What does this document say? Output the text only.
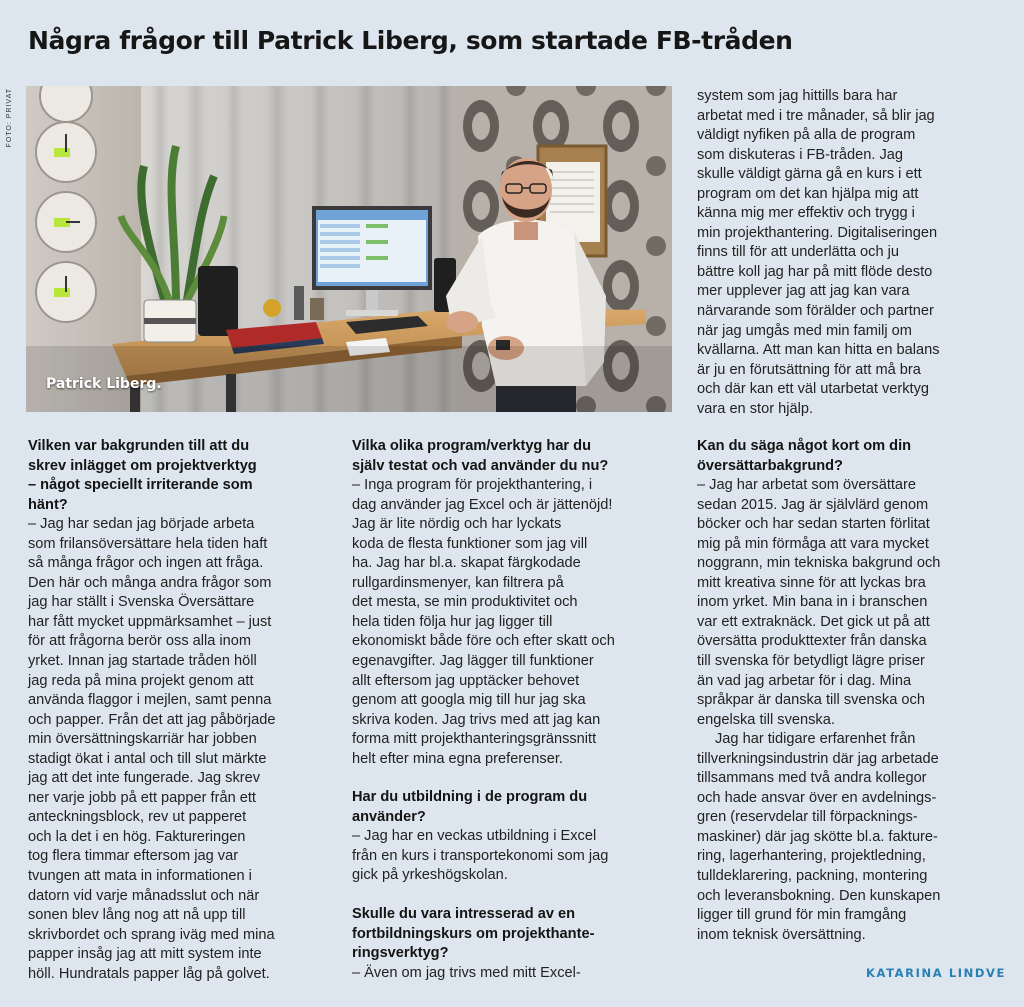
Några frågor till Patrick Liberg, som startade FB-tråden
FOTO: PRIVAT
Patrick Liberg.

system som jag hittills bara har

arbetat med i tre månader, så blir jag

väldigt nyfiken på alla de program

som diskuteras i FB-tråden. Jag

skulle väldigt gärna gå en kurs i ett

program om det kan hjälpa mig att

känna mig mer effektiv och trygg i

min projekthantering. Digitaliseringen

finns till för att underlätta och ju

bättre koll jag har på mitt flöde desto

mer upplever jag att jag kan vara

närvarande som förälder och partner

när jag umgås med min familj om

kvällarna. Att man kan hitta en balans

är ju en förutsättning för att må bra

och där kan ett väl utarbetat verktyg

vara en stor hjälp.

Vilken var bakgrunden till att du
skrev inlägget om projektverktyg
– något speciellt irriterande som
hänt?

– Jag har sedan jag började arbeta

som frilansöversättare hela tiden haft

så många frågor och ingen att fråga.

Den här och många andra frågor som

jag har ställt i Svenska Översättare

har fått mycket uppmärksamhet – just

för att frågorna berör oss alla inom

yrket. Innan jag startade tråden höll

jag reda på mina projekt genom att

använda flaggor i mejlen, samt penna

och papper. Från det att jag påbörjade

min översättningskarriär har jobben

stadigt ökat i antal och till slut märkte

jag att det inte fungerade. Jag skrev

ner varje jobb på ett papper från ett

anteckningsblock, rev ut papperet

och la det i en hög. Faktureringen

tog flera timmar eftersom jag var

tvungen att mata in informationen i

datorn vid varje månadsslut och när

sonen blev lång nog att nå upp till

skrivbordet och sprang iväg med mina

papper insåg jag att mitt system inte

höll. Hundratals papper låg på golvet.

Vilka olika program/verktyg har du
själv testat och vad använder du nu?

– Inga program för projekthantering, i

dag använder jag Excel och är jättenöjd!

Jag är lite nördig och har lyckats

koda de flesta funktioner som jag vill

ha. Jag har bl.a. skapat färgkodade

rullgardinsmenyer, kan filtrera på

det mesta, se min produktivitet och

hela tiden följa hur jag ligger till

ekonomiskt både före och efter skatt och

egenavgifter. Jag lägger till funktioner

allt eftersom jag upptäcker behovet

genom att googla mig till hur jag ska

skriva koden. Jag trivs med att jag kan

forma mitt projekthanteringsgränssnitt

helt efter mina egna preferenser.

Har du utbildning i de program du
använder?

– Jag har en veckas utbildning i Excel

från en kurs i transportekonomi som jag

gick på yrkeshögskolan.

Skulle du vara intresserad av en
fortbildningskurs om projekthante-
ringsverktyg?

– Även om jag trivs med mitt Excel-

Kan du säga något kort om din
översättarbakgrund?

– Jag har arbetat som översättare

sedan 2015. Jag är självlärd genom

böcker och har sedan starten förlitat

mig på min förmåga att vara mycket

noggrann, min tekniska bakgrund och

mitt kreativa sinne för att lyckas bra

inom yrket. Min bana in i branschen

var ett extraknäck. Det gick ut på att

översätta produkttexter från danska

till svenska för betydligt lägre priser

än vad jag arbetar för i dag. Mina

språkpar är danska till svenska och

engelska till svenska.

Jag har tidigare erfarenhet från

tillverkningsindustrin där jag arbetade

tillsammans med två andra kollegor

och hade ansvar över en avdelnings-

gren (reservdelar till förpacknings-

maskiner) där jag skötte bl.a. fakture-

ring, lagerhantering, projektledning,

tulldeklarering, packning, montering

och leveransbokning. Den kunskapen

ligger till grund för min framgång

inom teknisk översättning.

KATARINA LINDVE
